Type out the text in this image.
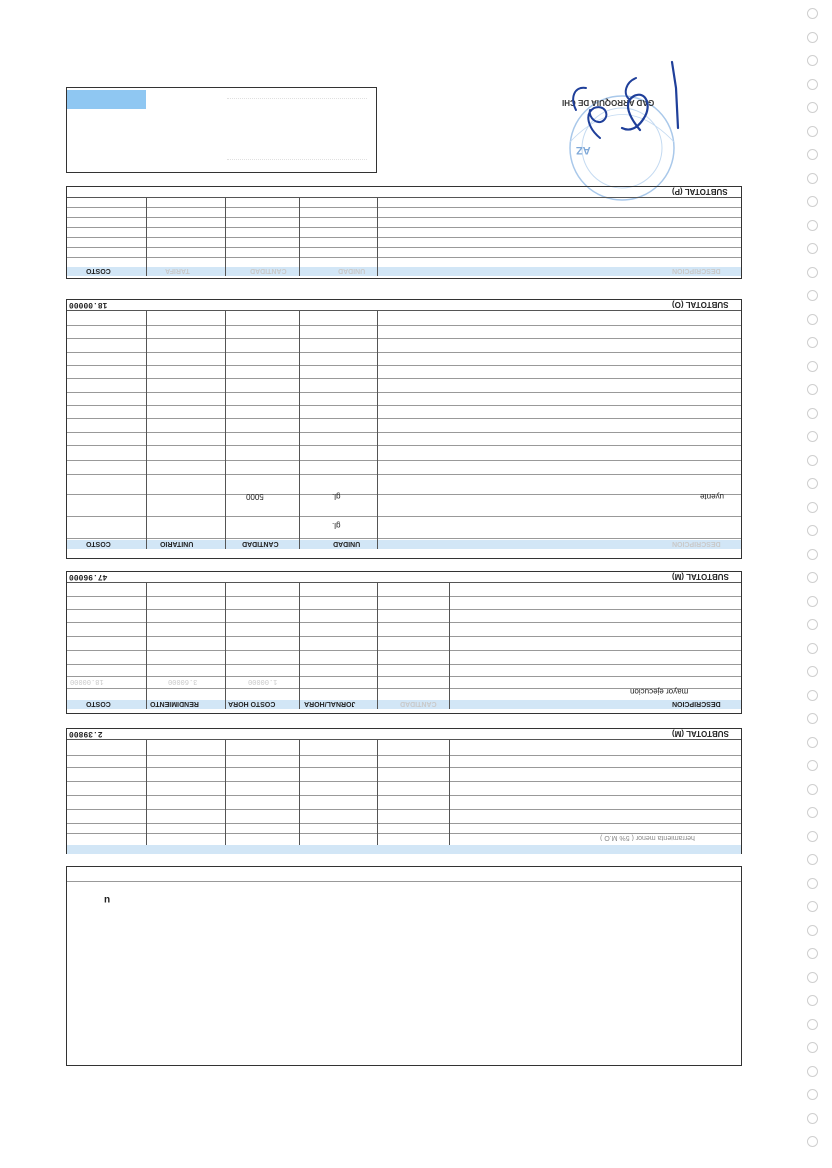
GAD ARROQUIA DE CHI
AZ
SUBTOTAL (P)
DESCRIPCION
UNIDAD
CANTIDAD
TARIFA
COSTO
SUBTOTAL (O)
18.00000
uyente
gl.
5000
gl.
DESCRIPCION
UNIDAD
CANTIDAD
UNITARIO
COSTO
SUBTOTAL (M)
47.96000
mayor ejecucion
1.00000
3.60000
18.00000
DESCRIPCION
CANTIDAD
JORNAL/HORA
COSTO HORA
RENDIMIENTO
COSTO
SUBTOTAL (M)
2.39800
herramienta menor ( 5% M.O )
u
